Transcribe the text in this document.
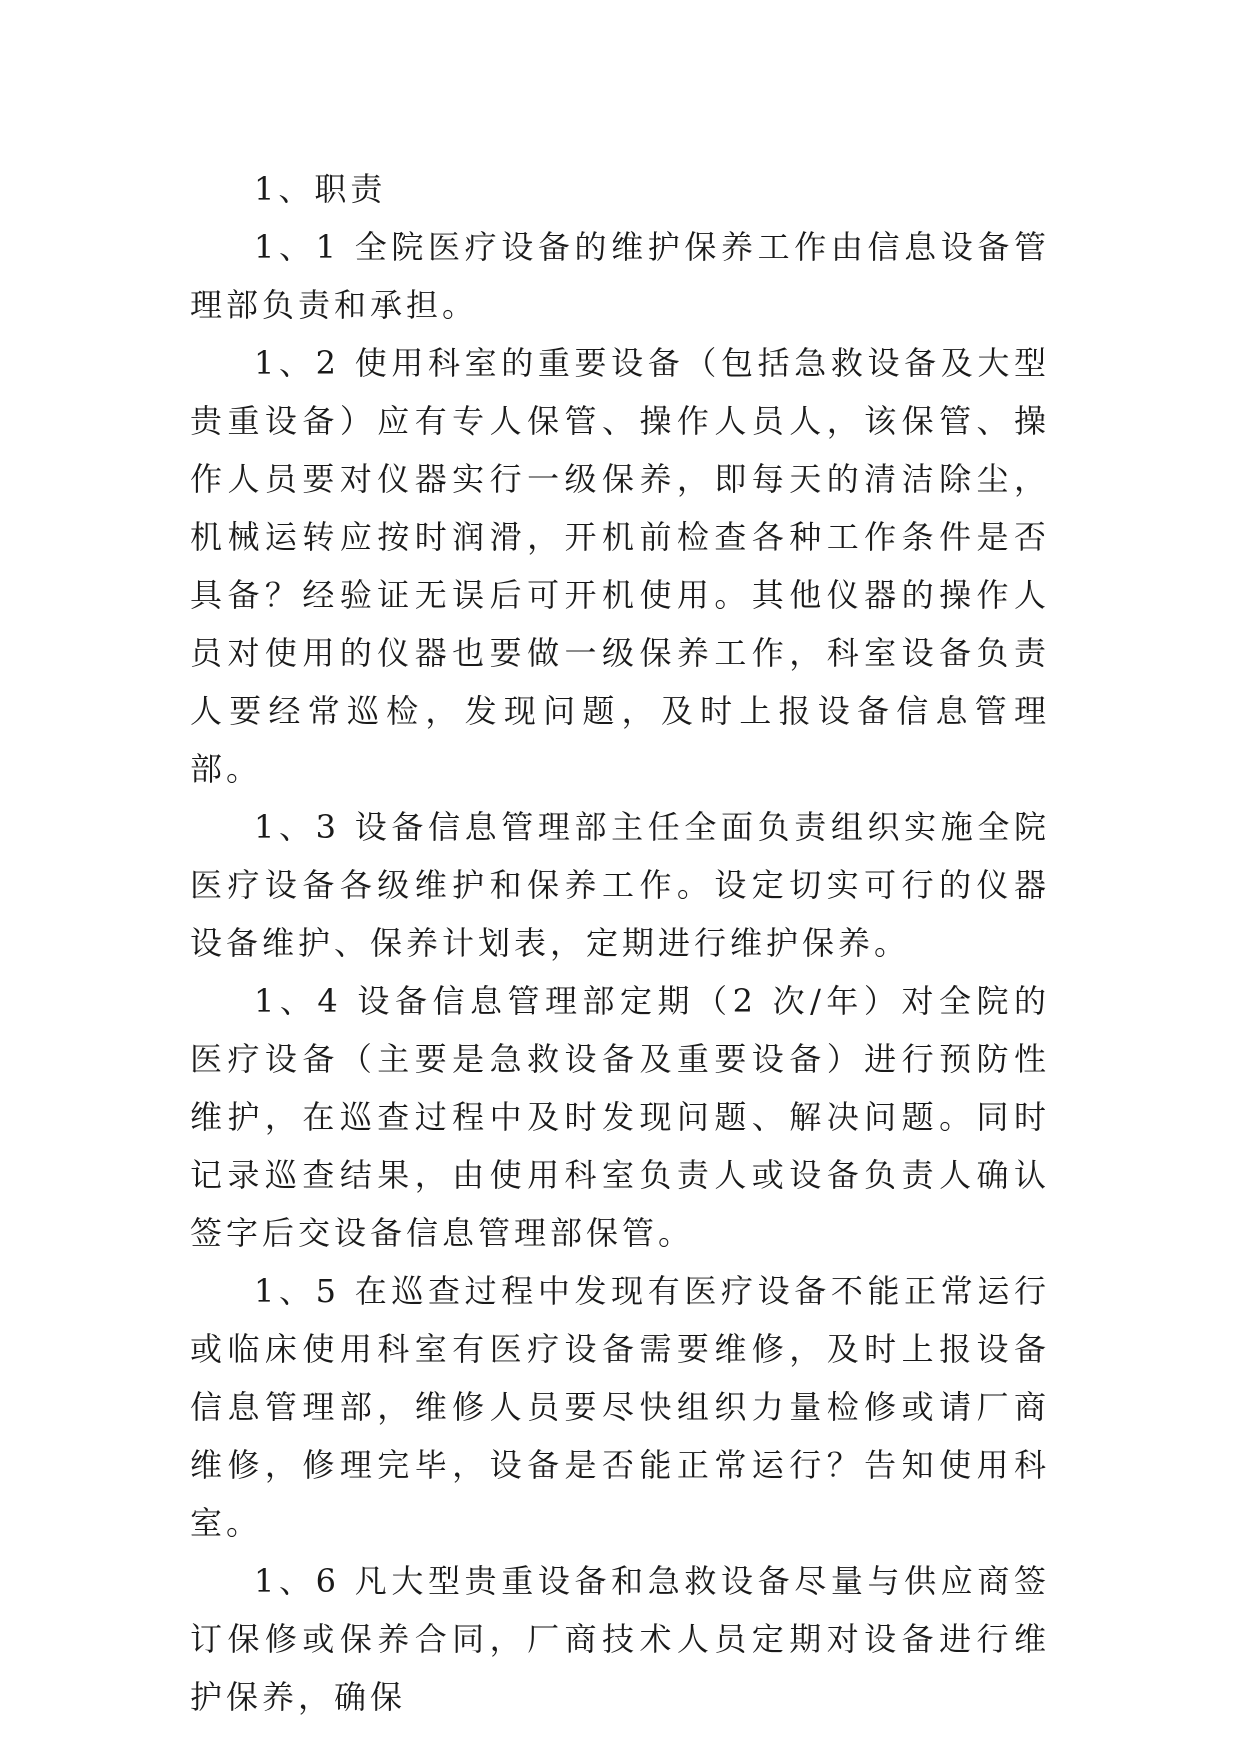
1、职责

1、1 全院医疗设备的维护保养工作由信息设备管理部负责和承担。

1、2 使用科室的重要设备（包括急救设备及大型贵重设备）应有专人保管、操作人员人，该保管、操作人员要对仪器实行一级保养，即每天的清洁除尘，机械运转应按时润滑，开机前检查各种工作条件是否具备？经验证无误后可开机使用。其他仪器的操作人员对使用的仪器也要做一级保养工作，科室设备负责人要经常巡检，发现问题，及时上报设备信息管理部。

1、3 设备信息管理部主任全面负责组织实施全院医疗设备各级维护和保养工作。设定切实可行的仪器设备维护、保养计划表，定期进行维护保养。

1、4 设备信息管理部定期（2 次/年）对全院的医疗设备（主要是急救设备及重要设备）进行预防性维护，在巡查过程中及时发现问题、解决问题。同时记录巡查结果，由使用科室负责人或设备负责人确认签字后交设备信息管理部保管。

1、5 在巡查过程中发现有医疗设备不能正常运行或临床使用科室有医疗设备需要维修，及时上报设备信息管理部，维修人员要尽快组织力量检修或请厂商维修，修理完毕，设备是否能正常运行？告知使用科室。

1、6 凡大型贵重设备和急救设备尽量与供应商签订保修或保养合同，厂商技术人员定期对设备进行维护保养，确保
